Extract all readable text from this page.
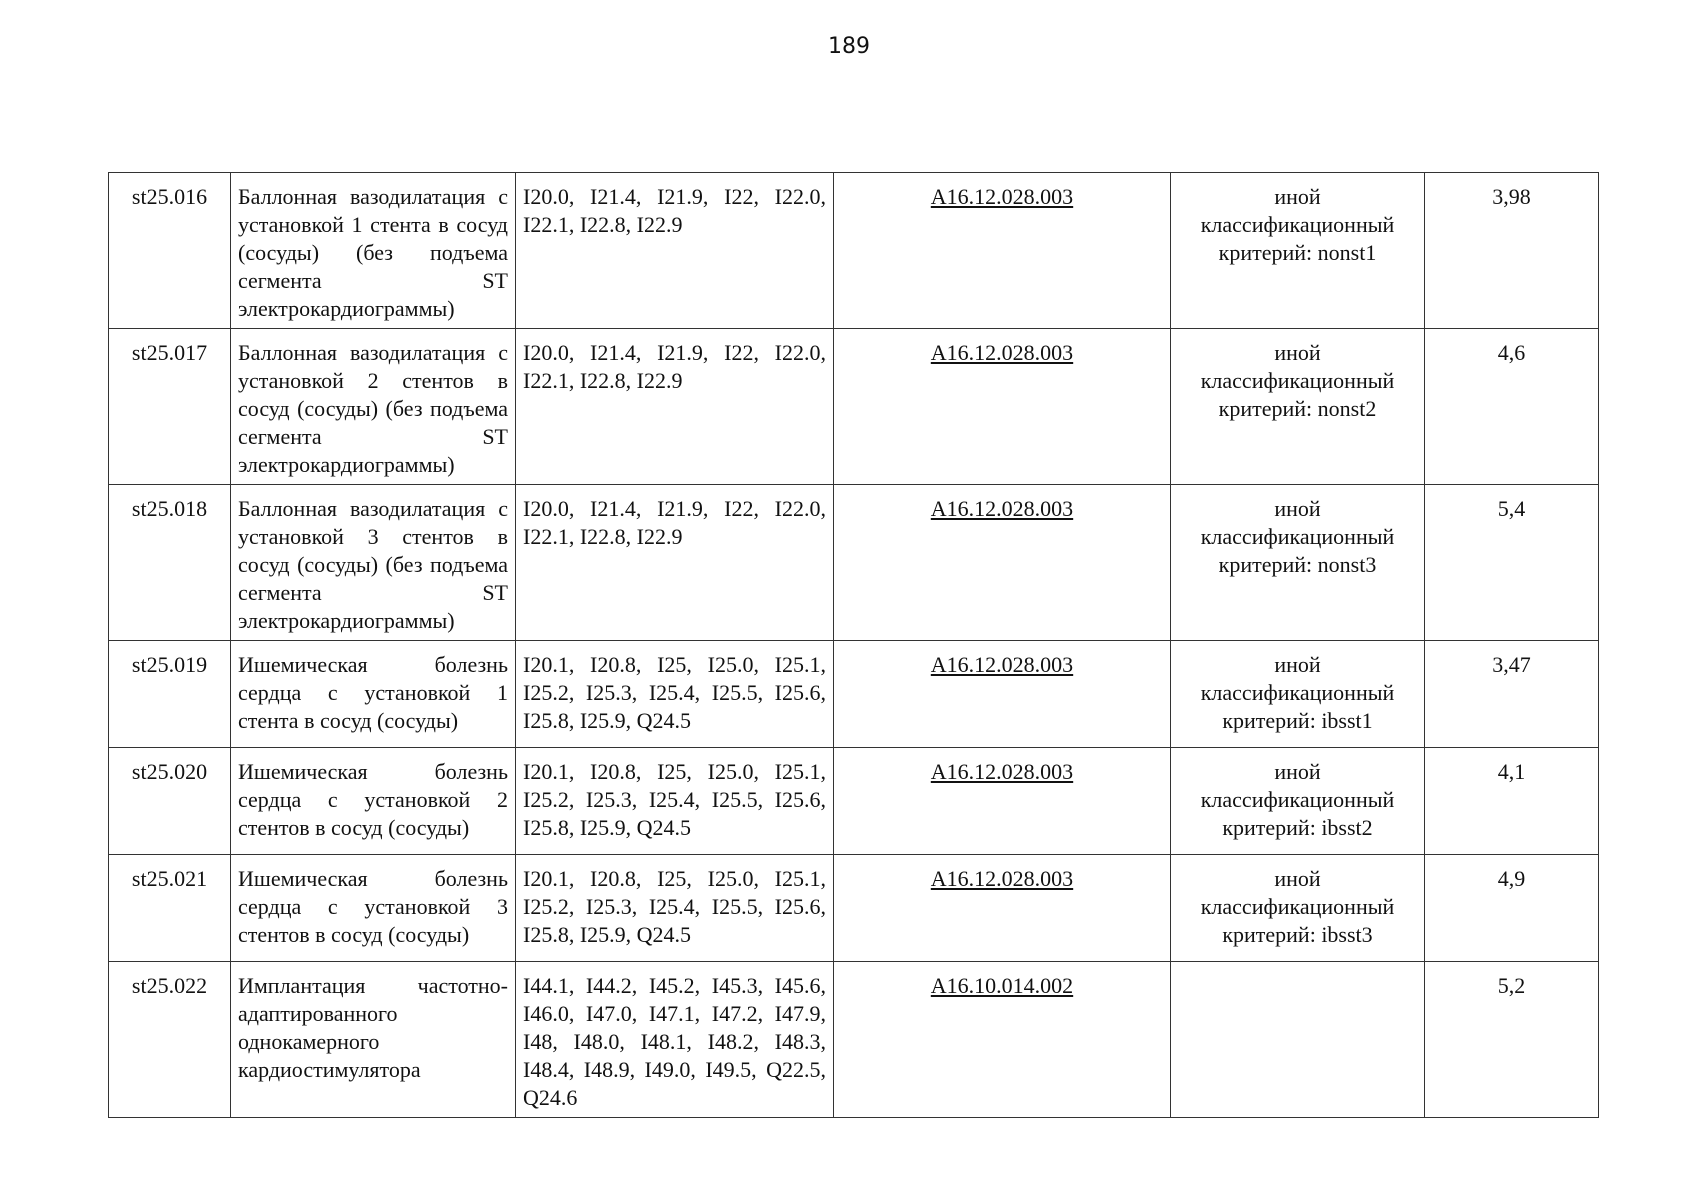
189
st25.016	Баллонная вазодилатация с установкой 1 стента в сосуд (сосуды) (без подъема сегмента ST электрокардиограммы)	I20.0, I21.4, I21.9, I22, I22.0, I22.1, I22.8, I22.9	A16.12.028.003	иной классификационный критерий: nonst1	3,98
st25.017	Баллонная вазодилатация с установкой 2 стентов в сосуд (сосуды) (без подъема сегмента ST электрокардиограммы)	I20.0, I21.4, I21.9, I22, I22.0, I22.1, I22.8, I22.9	A16.12.028.003	иной классификационный критерий: nonst2	4,6
st25.018	Баллонная вазодилатация с установкой 3 стентов в сосуд (сосуды) (без подъема сегмента ST электрокардиограммы)	I20.0, I21.4, I21.9, I22, I22.0, I22.1, I22.8, I22.9	A16.12.028.003	иной классификационный критерий: nonst3	5,4
st25.019	Ишемическая болезнь сердца с установкой 1 стента в сосуд (сосуды)	I20.1, I20.8, I25, I25.0, I25.1, I25.2, I25.3, I25.4, I25.5, I25.6, I25.8, I25.9, Q24.5	A16.12.028.003	иной классификационный критерий: ibsst1	3,47
st25.020	Ишемическая болезнь сердца с установкой 2 стентов в сосуд (сосуды)	I20.1, I20.8, I25, I25.0, I25.1, I25.2, I25.3, I25.4, I25.5, I25.6, I25.8, I25.9, Q24.5	A16.12.028.003	иной классификационный критерий: ibsst2	4,1
st25.021	Ишемическая болезнь сердца с установкой 3 стентов в сосуд (сосуды)	I20.1, I20.8, I25, I25.0, I25.1, I25.2, I25.3, I25.4, I25.5, I25.6, I25.8, I25.9, Q24.5	A16.12.028.003	иной классификационный критерий: ibsst3	4,9
st25.022	Имплантация частотно-адаптированного однокамерного кардиостимулятора	I44.1, I44.2, I45.2, I45.3, I45.6, I46.0, I47.0, I47.1, I47.2, I47.9, I48, I48.0, I48.1, I48.2, I48.3, I48.4, I48.9, I49.0, I49.5, Q22.5, Q24.6	A16.10.014.002		5,2
